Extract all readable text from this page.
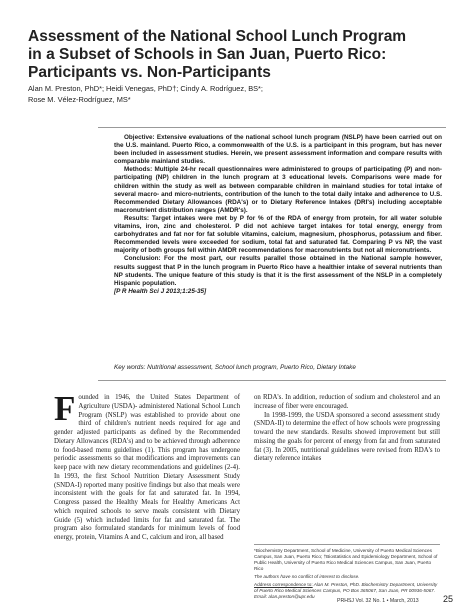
Assessment of the National School Lunch Program
in a Subset of Schools in San Juan, Puerto Rico:
Participants vs. Non-Participants
Alan M. Preston, PhD*; Heidi Venegas, PhD†; Cindy A. Rodríguez, BS*;
Rose M. Vélez-Rodríguez, MS*

Objective: Extensive evaluations of the national school lunch program (NSLP) have been carried out on the U.S. mainland. Puerto Rico, a commonwealth of the U.S. is a participant in this program, but has never been included in assessment studies. Herein, we present assessment information and compare results with comparable mainland studies.

Methods: Multiple 24-hr recall questionnaires were administered to groups of participating (P) and non-participating (NP) children in the lunch program at 3 educational levels. Comparisons were made for children within the study as well as between comparable children in mainland studies for total intake of several macro- and micro-nutrients, contribution of the lunch to the total daily intake and adherence to U.S. Recommended Dietary Allowances (RDA's) or to Dietary Reference Intakes (DRI's) including acceptable macronutrient distribution ranges (AMDR's).

Results: Target intakes were met by P for % of the RDA of energy from protein, for all water soluble vitamins, iron, zinc and cholesterol. P did not achieve target intakes for total energy, energy from carbohydrates and fat nor for fat soluble vitamins, calcium, magnesium, phosphorus, potassium and fiber. Recommended levels were exceeded for sodium, total fat and saturated fat. Comparing P vs NP, the vast majority of both groups fell within AMDR recommendations for macronutrients but not all micronutrients.

Conclusion: For the most part, our results parallel those obtained in the National sample however, results suggest that P in the lunch program in Puerto Rico have a healthier intake of several nutrients than NP students. The unique feature of this study is that it is the first assessment of the NSLP in a completely Hispanic population.
[P R Health Sci J 2013;1:25-35]

Key words: Nutritional assessment, School lunch program, Puerto Rico, Dietary Intake

Founded in 1946, the United States Department of Agriculture (USDA)- administered National School Lunch Program (NSLP) was established to provide about one third of children's nutrient needs required for age and gender adjusted participants as defined by the Recommended Dietary Allowances (RDA's) and to be achieved through adherence to food-based menu guidelines (1). This program has undergone periodic assessments so that modifications and improvements can keep pace with new dietary recommendations and guidelines (2-4). In 1993, the first School Nutrition Dietary Assessment Study (SNDA-I) reported many positive findings but also that meals were inconsistent with the goals for fat and saturated fat. In 1994, Congress passed the Healthy Meals for Healthy Americans Act which required schools to serve meals consistent with Dietary Guide (5) which included limits for fat and saturated fat. The program also formulated standards for minimum levels of food energy, protein, Vitamins A and C, calcium and iron, all based

on RDA's. In addition, reduction of sodium and cholesterol and an increase of fiber were encouraged.

In 1998-1999, the USDA sponsored a second assessment study (SNDA-II) to determine the effect of how schools were progressing toward the new standards. Results showed improvement but still missing the goals for percent of energy from fat and from saturated fat (3). In 2005, nutritional guidelines were revised from RDA's to dietary reference intakes

*Biochemistry Department, School of Medicine, University of Puerto Medical Sciences Campus, San Juan, Puerto Rico; †Biostatistics and Epidemiology Department, School of Public Health, University of Puerto Rico Medical Sciences Campus, San Juan, Puerto Rico

The authors have no conflict of interest to disclose.

Address correspondence to: Alan M. Preston, PhD. Biochemistry Department, University of Puerto Rico Medical Sciences Campus, PO Box 365067, San Juan, PR 00936-5067. Email: alan.preston@upr.edu

PRHSJ Vol. 32 No. 1 • March, 2013	25
